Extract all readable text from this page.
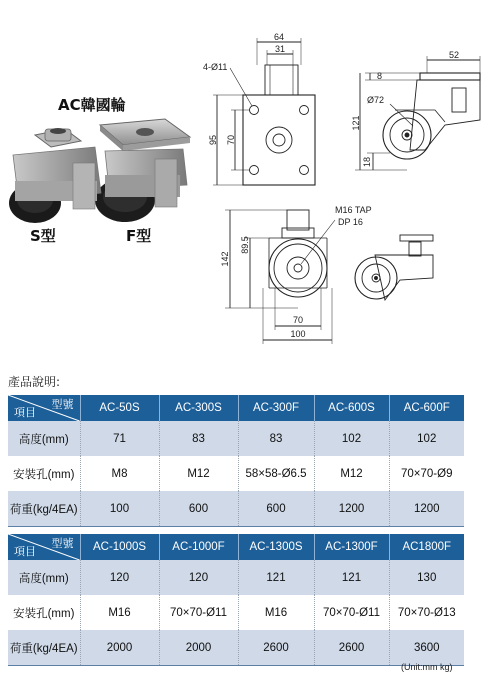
AC韓國輪
S型	F型
64
31
4-Ø11
95 70
52
8
Ø72
121
18
M16 TAP
DP 16
142
89.5
70
100
產品說明:
型號
項目	AC-50S	AC-300S	AC-300F	AC-600S	AC-600F
高度(mm)	71	83	83	102	102
安裝孔(mm)	M8	M12	58×58-Ø6.5	M12	70×70-Ø9
荷重(kg/4EA)	100	600	600	1200	1200
型號
項目	AC-1000S	AC-1000F	AC-1300S	AC-1300F	AC1800F
高度(mm)	120	120	121	121	130
安裝孔(mm)	M16	70×70-Ø11	M16	70×70-Ø11	70×70-Ø13
荷重(kg/4EA)	2000	2000	2600	2600	3600
(Unit:mm kg)
